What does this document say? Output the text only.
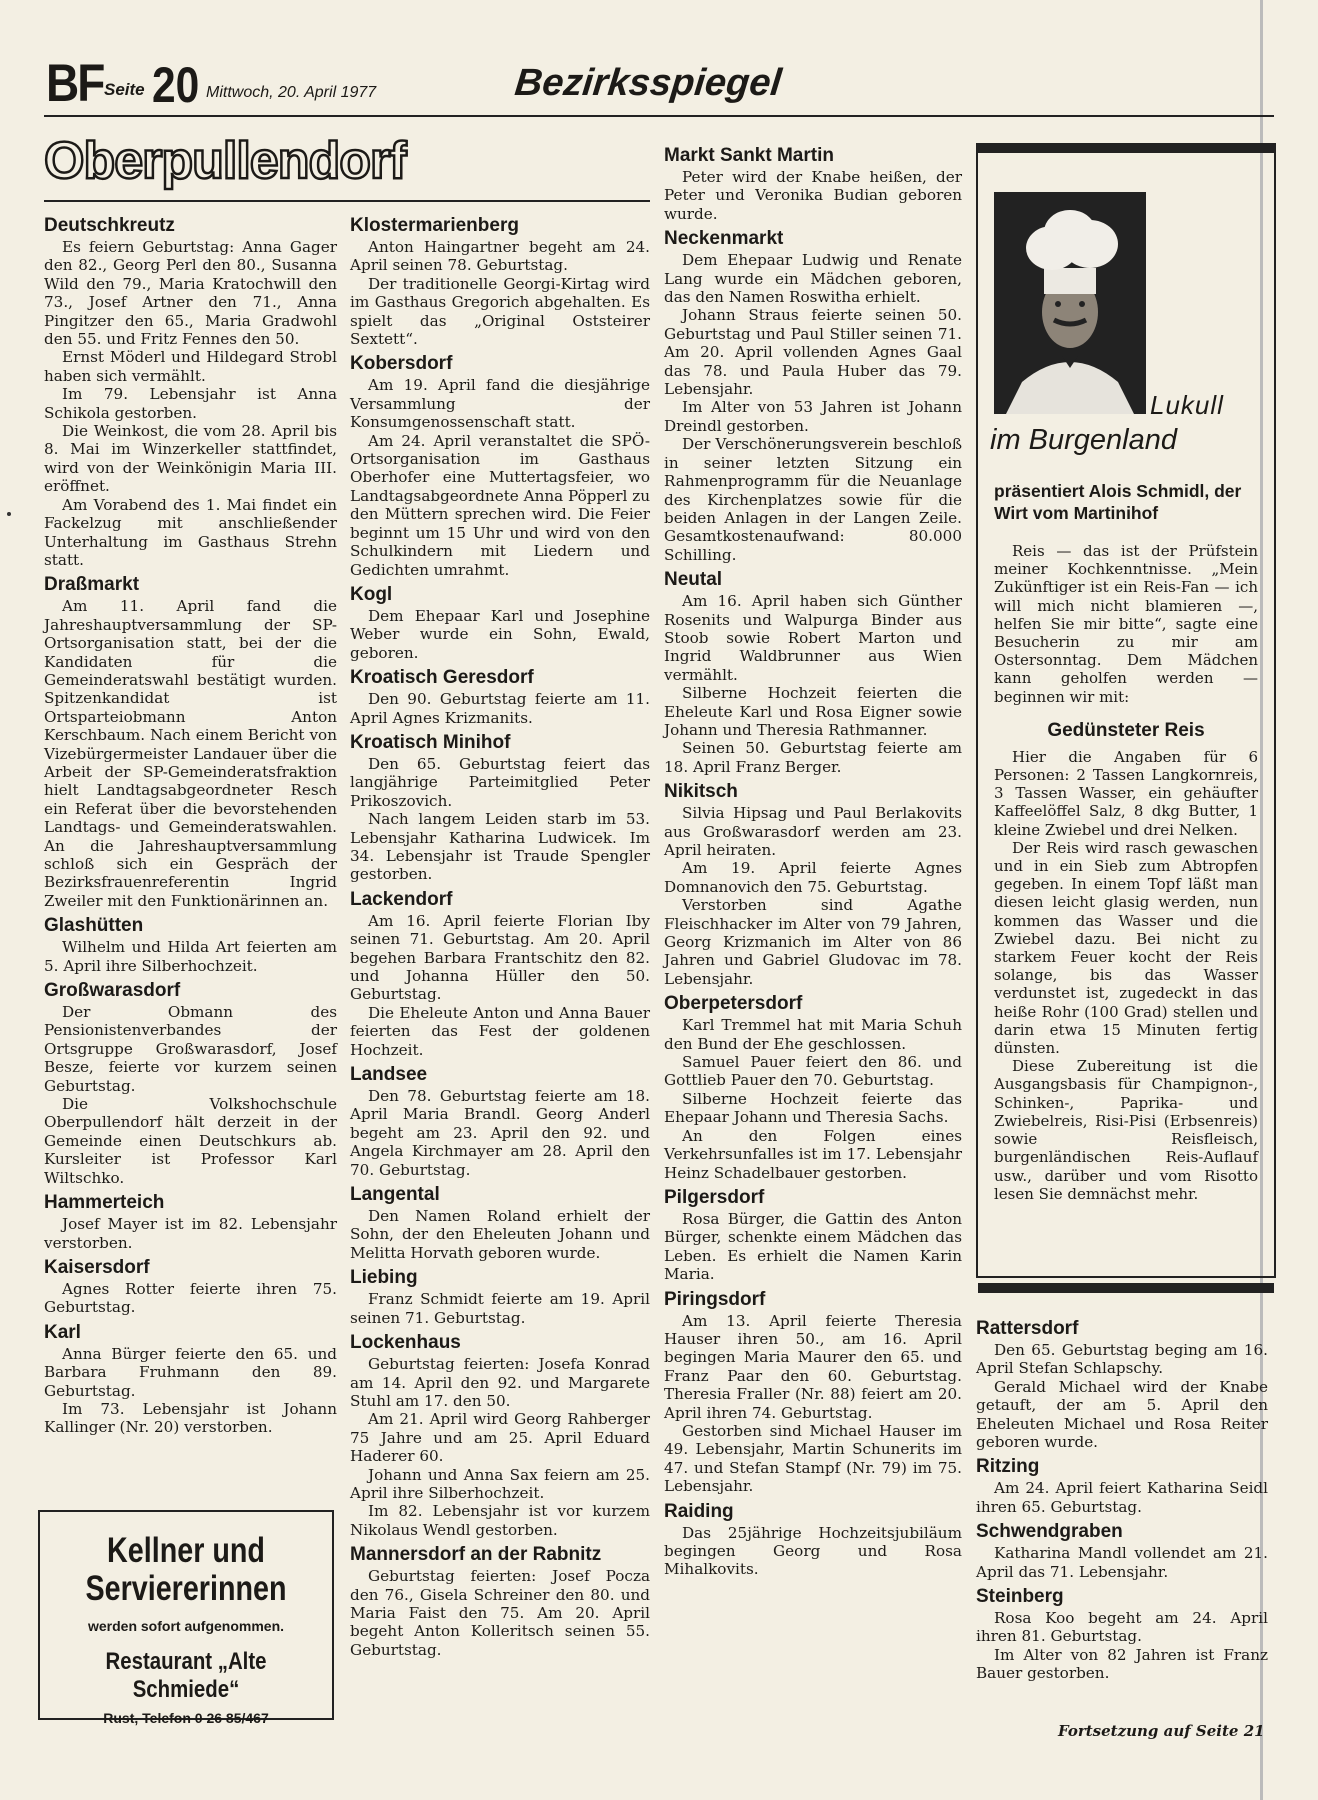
BF Seite 20 Mittwoch, 20. April 1977	Bezirksspiegel
Oberpullendorf
Deutschkreutz

Es feiern Geburtstag: Anna Gager den 82., Georg Perl den 80., Susanna Wild den 79., Maria Kratochwill den 73., Josef Artner den 71., Anna Pingitzer den 65., Maria Gradwohl den 55. und Fritz Fennes den 50.

Ernst Möderl und Hildegard Strobl haben sich vermählt.

Im 79. Lebensjahr ist Anna Schikola gestorben.

Die Weinkost, die vom 28. April bis 8. Mai im Winzerkeller stattfindet, wird von der Weinkönigin Maria III. eröffnet.

Am Vorabend des 1. Mai findet ein Fackelzug mit anschließender Unterhaltung im Gasthaus Strehn statt.

Draßmarkt

Am 11. April fand die Jahreshauptversammlung der SP-Ortsorganisation statt, bei der die Kandidaten für die Gemeinderatswahl bestätigt wurden. Spitzenkandidat ist Ortsparteiobmann Anton Kerschbaum. Nach einem Bericht von Vizebürgermeister Landauer über die Arbeit der SP-Gemeinderatsfraktion hielt Landtagsabgeordneter Resch ein Referat über die bevorstehenden Landtags- und Gemeinderatswahlen. An die Jahreshauptversammlung schloß sich ein Gespräch der Bezirksfrauenreferentin Ingrid Zweiler mit den Funktionärinnen an.

Glashütten

Wilhelm und Hilda Art feierten am 5. April ihre Silberhochzeit.

Großwarasdorf

Der Obmann des Pensionistenverbandes der Ortsgruppe Großwarasdorf, Josef Besze, feierte vor kurzem seinen Geburtstag.

Die Volkshochschule Oberpullendorf hält derzeit in der Gemeinde einen Deutschkurs ab. Kursleiter ist Professor Karl Wiltschko.

Hammerteich

Josef Mayer ist im 82. Lebensjahr verstorben.

Kaisersdorf

Agnes Rotter feierte ihren 75. Geburtstag.

Karl

Anna Bürger feierte den 65. und Barbara Fruhmann den 89. Geburtstag.

Im 73. Lebensjahr ist Johann Kallinger (Nr. 20) verstorben.

Klostermarienberg

Anton Haingartner begeht am 24. April seinen 78. Geburtstag.

Der traditionelle Georgi-Kirtag wird im Gasthaus Gregorich abgehalten. Es spielt das „Original Oststeirer Sextett“.

Kobersdorf

Am 19. April fand die diesjährige Versammlung der Konsumgenossenschaft statt.

Am 24. April veranstaltet die SPÖ-Ortsorganisation im Gasthaus Oberhofer eine Muttertagsfeier, wo Landtagsabgeordnete Anna Pöpperl zu den Müttern sprechen wird. Die Feier beginnt um 15 Uhr und wird von den Schulkindern mit Liedern und Gedichten umrahmt.

Kogl

Dem Ehepaar Karl und Josephine Weber wurde ein Sohn, Ewald, geboren.

Kroatisch Geresdorf

Den 90. Geburtstag feierte am 11. April Agnes Krizmanits.

Kroatisch Minihof

Den 65. Geburtstag feiert das langjährige Parteimitglied Peter Prikoszovich.

Nach langem Leiden starb im 53. Lebensjahr Katharina Ludwicek. Im 34. Lebensjahr ist Traude Spengler gestorben.

Lackendorf

Am 16. April feierte Florian Iby seinen 71. Geburtstag. Am 20. April begehen Barbara Frantschitz den 82. und Johanna Hüller den 50. Geburtstag.

Die Eheleute Anton und Anna Bauer feierten das Fest der goldenen Hochzeit.

Landsee

Den 78. Geburtstag feierte am 18. April Maria Brandl. Georg Anderl begeht am 23. April den 92. und Angela Kirchmayer am 28. April den 70. Geburtstag.

Langental

Den Namen Roland erhielt der Sohn, der den Eheleuten Johann und Melitta Horvath geboren wurde.

Liebing

Franz Schmidt feierte am 19. April seinen 71. Geburtstag.

Lockenhaus

Geburtstag feierten: Josefa Konrad am 14. April den 92. und Margarete Stuhl am 17. den 50.

Am 21. April wird Georg Rahberger 75 Jahre und am 25. April Eduard Haderer 60.

Johann und Anna Sax feiern am 25. April ihre Silberhochzeit.

Im 82. Lebensjahr ist vor kurzem Nikolaus Wendl gestorben.

Mannersdorf an der Rabnitz

Geburtstag feierten: Josef Pocza den 76., Gisela Schreiner den 80. und Maria Faist den 75. Am 20. April begeht Anton Kolleritsch seinen 55. Geburtstag.

Markt Sankt Martin

Peter wird der Knabe heißen, der Peter und Veronika Budian geboren wurde.

Neckenmarkt

Dem Ehepaar Ludwig und Renate Lang wurde ein Mädchen geboren, das den Namen Roswitha erhielt.

Johann Straus feierte seinen 50. Geburtstag und Paul Stiller seinen 71. Am 20. April vollenden Agnes Gaal das 78. und Paula Huber das 79. Lebensjahr.

Im Alter von 53 Jahren ist Johann Dreindl gestorben.

Der Verschönerungsverein beschloß in seiner letzten Sitzung ein Rahmenprogramm für die Neuanlage des Kirchenplatzes sowie für die beiden Anlagen in der Langen Zeile. Gesamtkostenaufwand: 80.000 Schilling.

Neutal

Am 16. April haben sich Günther Rosenits und Walpurga Binder aus Stoob sowie Robert Marton und Ingrid Waldbrunner aus Wien vermählt.

Silberne Hochzeit feierten die Eheleute Karl und Rosa Eigner sowie Johann und Theresia Rathmanner.

Seinen 50. Geburtstag feierte am 18. April Franz Berger.

Nikitsch

Silvia Hipsag und Paul Berlakovits aus Großwarasdorf werden am 23. April heiraten.

Am 19. April feierte Agnes Domnanovich den 75. Geburtstag.

Verstorben sind Agathe Fleischhacker im Alter von 79 Jahren, Georg Krizmanich im Alter von 86 Jahren und Gabriel Gludovac im 78. Lebensjahr.

Oberpetersdorf

Karl Tremmel hat mit Maria Schuh den Bund der Ehe geschlossen.

Samuel Pauer feiert den 86. und Gottlieb Pauer den 70. Geburtstag.

Silberne Hochzeit feierte das Ehepaar Johann und Theresia Sachs.

An den Folgen eines Verkehrsunfalles ist im 17. Lebensjahr Heinz Schadelbauer gestorben.

Pilgersdorf

Rosa Bürger, die Gattin des Anton Bürger, schenkte einem Mädchen das Leben. Es erhielt die Namen Karin Maria.

Piringsdorf

Am 13. April feierte Theresia Hauser ihren 50., am 16. April begingen Maria Maurer den 65. und Franz Paar den 60. Geburtstag. Theresia Fraller (Nr. 88) feiert am 20. April ihren 74. Geburtstag.

Gestorben sind Michael Hauser im 49. Lebensjahr, Martin Schunerits im 47. und Stefan Stampf (Nr. 79) im 75. Lebensjahr.

Raiding

Das 25jährige Hochzeitsjubiläum begingen Georg und Rosa Mihalkovits.

Rattersdorf

Den 65. Geburtstag beging am 16. April Stefan Schlapschy.

Gerald Michael wird der Knabe getauft, der am 5. April den Eheleuten Michael und Rosa Reiter geboren wurde.

Ritzing

Am 24. April feiert Katharina Seidl ihren 65. Geburtstag.

Schwendgraben

Katharina Mandl vollendet am 21. April das 71. Lebensjahr.

Steinberg

Rosa Koo begeht am 24. April ihren 81. Geburtstag.

Im Alter von 82 Jahren ist Franz Bauer gestorben.

Kellner und
Serviererinnen
werden sofort aufgenommen.
Restaurant „Alte Schmiede“
Rust, Telefon 0 26 85/467
Lukull
im Burgenland
präsentiert Alois Schmidl, der Wirt vom Martinihof

Reis — das ist der Prüfstein meiner Kochkenntnisse. „Mein Zukünftiger ist ein Reis-Fan — ich will mich nicht blamieren —, helfen Sie mir bitte“, sagte eine Besucherin zu mir am Ostersonntag. Dem Mädchen kann geholfen werden — beginnen wir mit:

Gedünsteter Reis

Hier die Angaben für 6 Personen: 2 Tassen Langkornreis, 3 Tassen Wasser, ein gehäufter Kaffeelöffel Salz, 8 dkg Butter, 1 kleine Zwiebel und drei Nelken.

Der Reis wird rasch gewaschen und in ein Sieb zum Abtropfen gegeben. In einem Topf läßt man diesen leicht glasig werden, nun kommen das Wasser und die Zwiebel dazu. Bei nicht zu starkem Feuer kocht der Reis solange, bis das Wasser verdunstet ist, zugedeckt in das heiße Rohr (100 Grad) stellen und darin etwa 15 Minuten fertig dünsten.

Diese Zubereitung ist die Ausgangsbasis für Champignon-, Schinken-, Paprika- und Zwiebelreis, Risi-Pisi (Erbsenreis) sowie Reisfleisch, burgenländischen Reis-Auflauf usw., darüber und vom Risotto lesen Sie demnächst mehr.

Fortsetzung auf Seite 21
